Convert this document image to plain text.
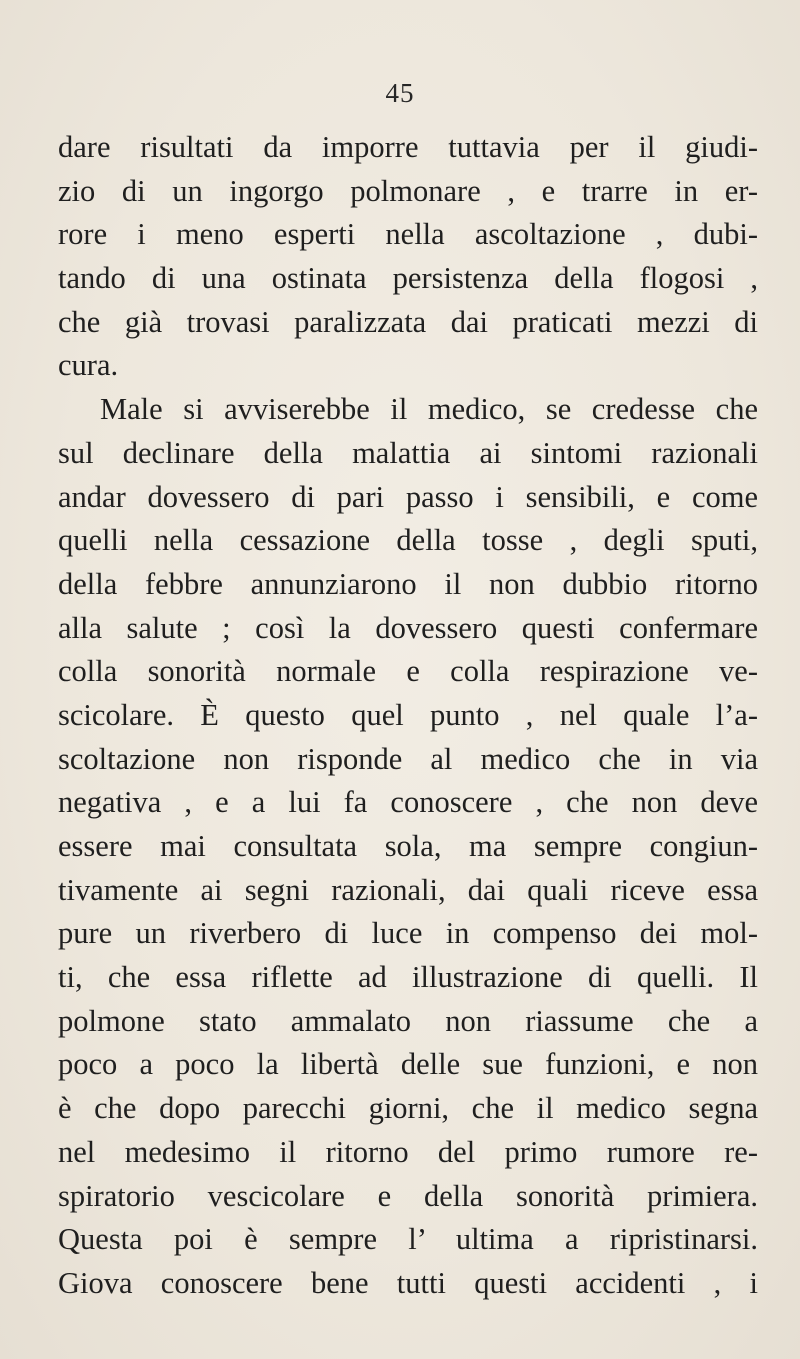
45
dare risultati da imporre tuttavia per il giudi-
zio di un ingorgo polmonare , e trarre in er-
rore i meno esperti nella ascoltazione , dubi-
tando di una ostinata persistenza della flogosi ,
che già trovasi paralizzata dai praticati mezzi di
cura.
Male si avviserebbe il medico, se credesse che
sul declinare della malattia ai sintomi razionali
andar dovessero di pari passo i sensibili, e come
quelli nella cessazione della tosse , degli sputi,
della febbre annunziarono il non dubbio ritorno
alla salute ; così la dovessero questi confermare
colla sonorità normale e colla respirazione ve-
scicolare. È questo quel punto , nel quale l’a-
scoltazione non risponde al medico che in via
negativa , e a lui fa conoscere , che non deve
essere mai consultata sola, ma sempre congiun-
tivamente ai segni razionali, dai quali riceve essa
pure un riverbero di luce in compenso dei mol-
ti, che essa riflette ad illustrazione di quelli. Il
polmone stato ammalato non riassume che a
poco a poco la libertà delle sue funzioni, e non
è che dopo parecchi giorni, che il medico segna
nel medesimo il ritorno del primo rumore re-
spiratorio vescicolare e della sonorità primiera.
Questa poi è sempre l’ ultima a ripristinarsi.
Giova conoscere bene tutti questi accidenti , i
